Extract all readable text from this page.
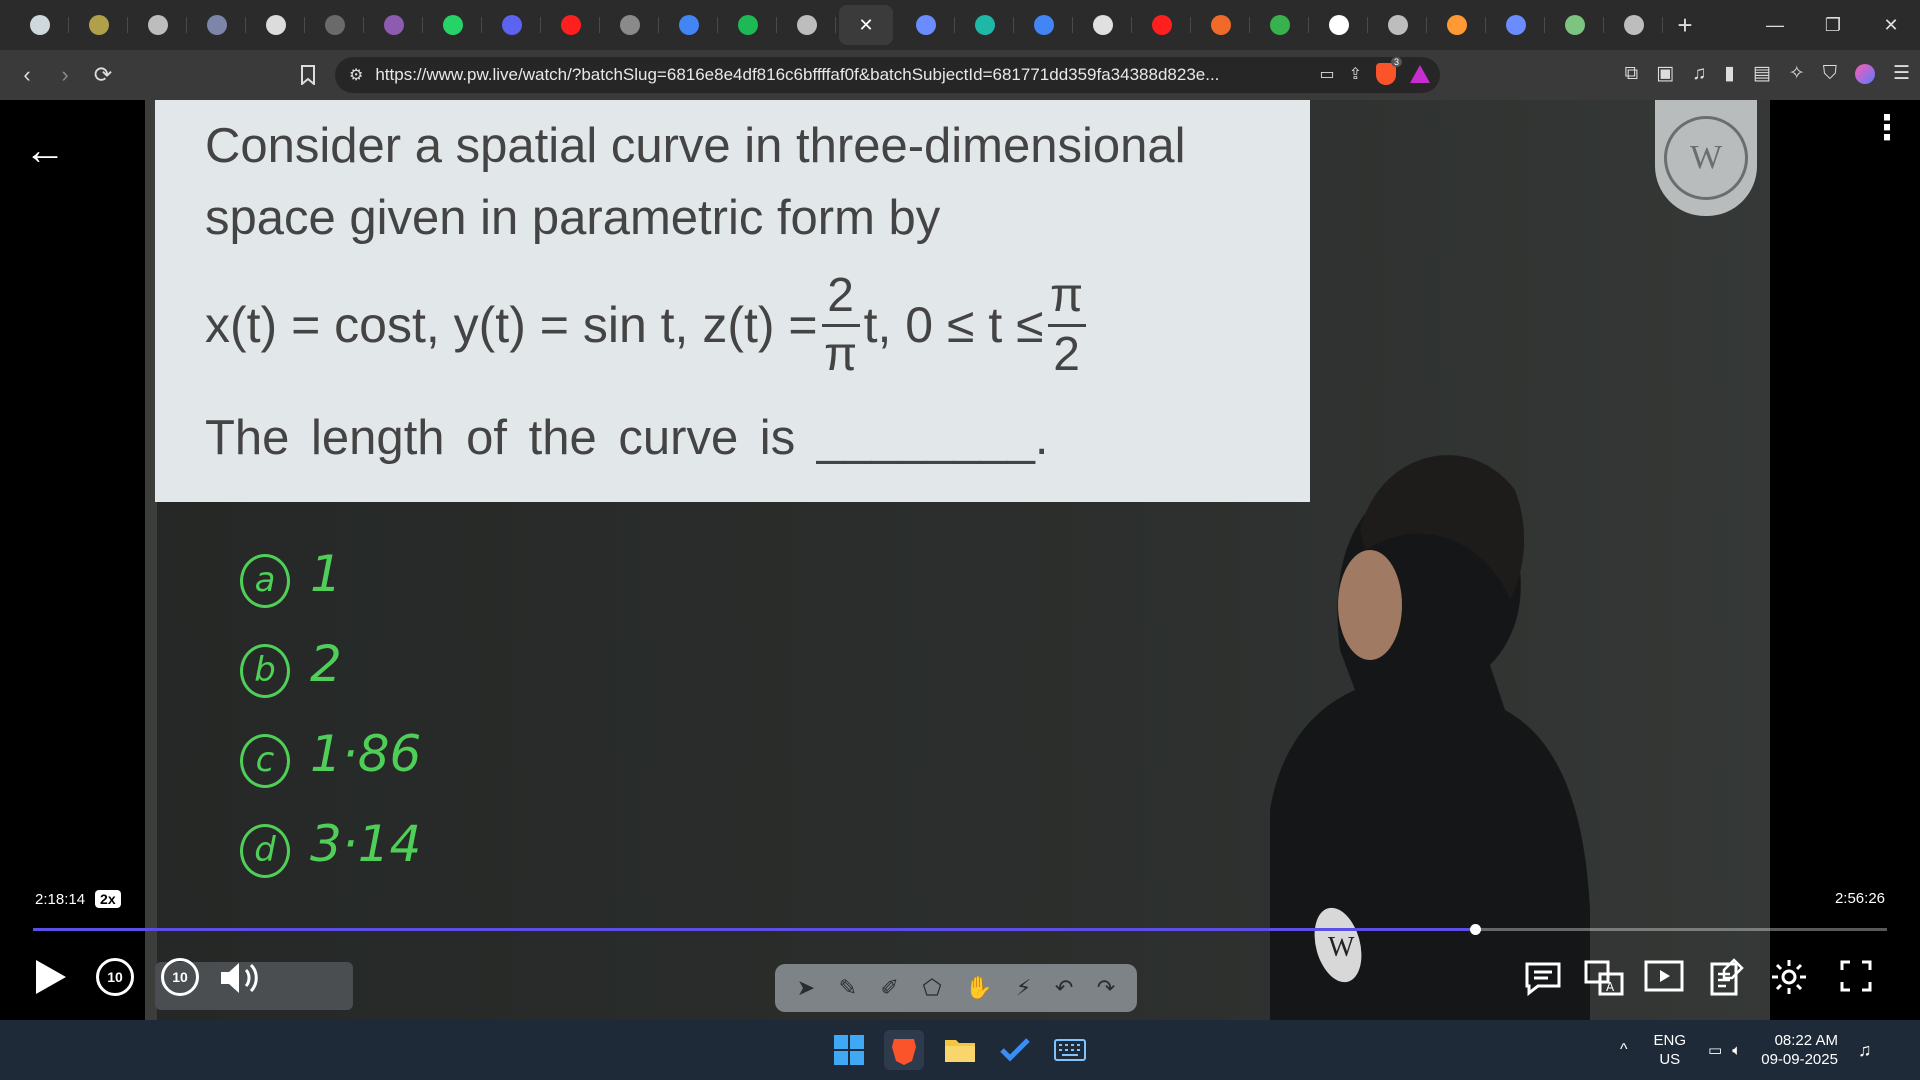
✕	+	—	❐	✕
‹	›	⟳	⚙ https://www.pw.live/watch/?batchSlug=6816e8e4df816c6bffffaf0f&batchSubjectId=681771dd359fa34388d823e...	▭ ⇪
3
⧉ ▣ ♫ ▮ ▤ ✧ ⛉	☰
Consider a spatial curve in three-dimensional
space given in parametric form by
x(t) = cost, y(t) = sin t, $z(t) = \frac{2}{\pi} t$, $0 \le t \le \frac{\pi}{2}$
The length of the curve is ________.
a 1
b 2
c 1·86
d 3·14
W
W
←	⋮
2:18:14	2x	2:56:26
➤ ✎ ✐ ⬠ ✋ ⚡ ↶ ↷
10	10
A
^
ENG
US
▭ 🔈︎
08:22 AM
09-09-2025 ♫
